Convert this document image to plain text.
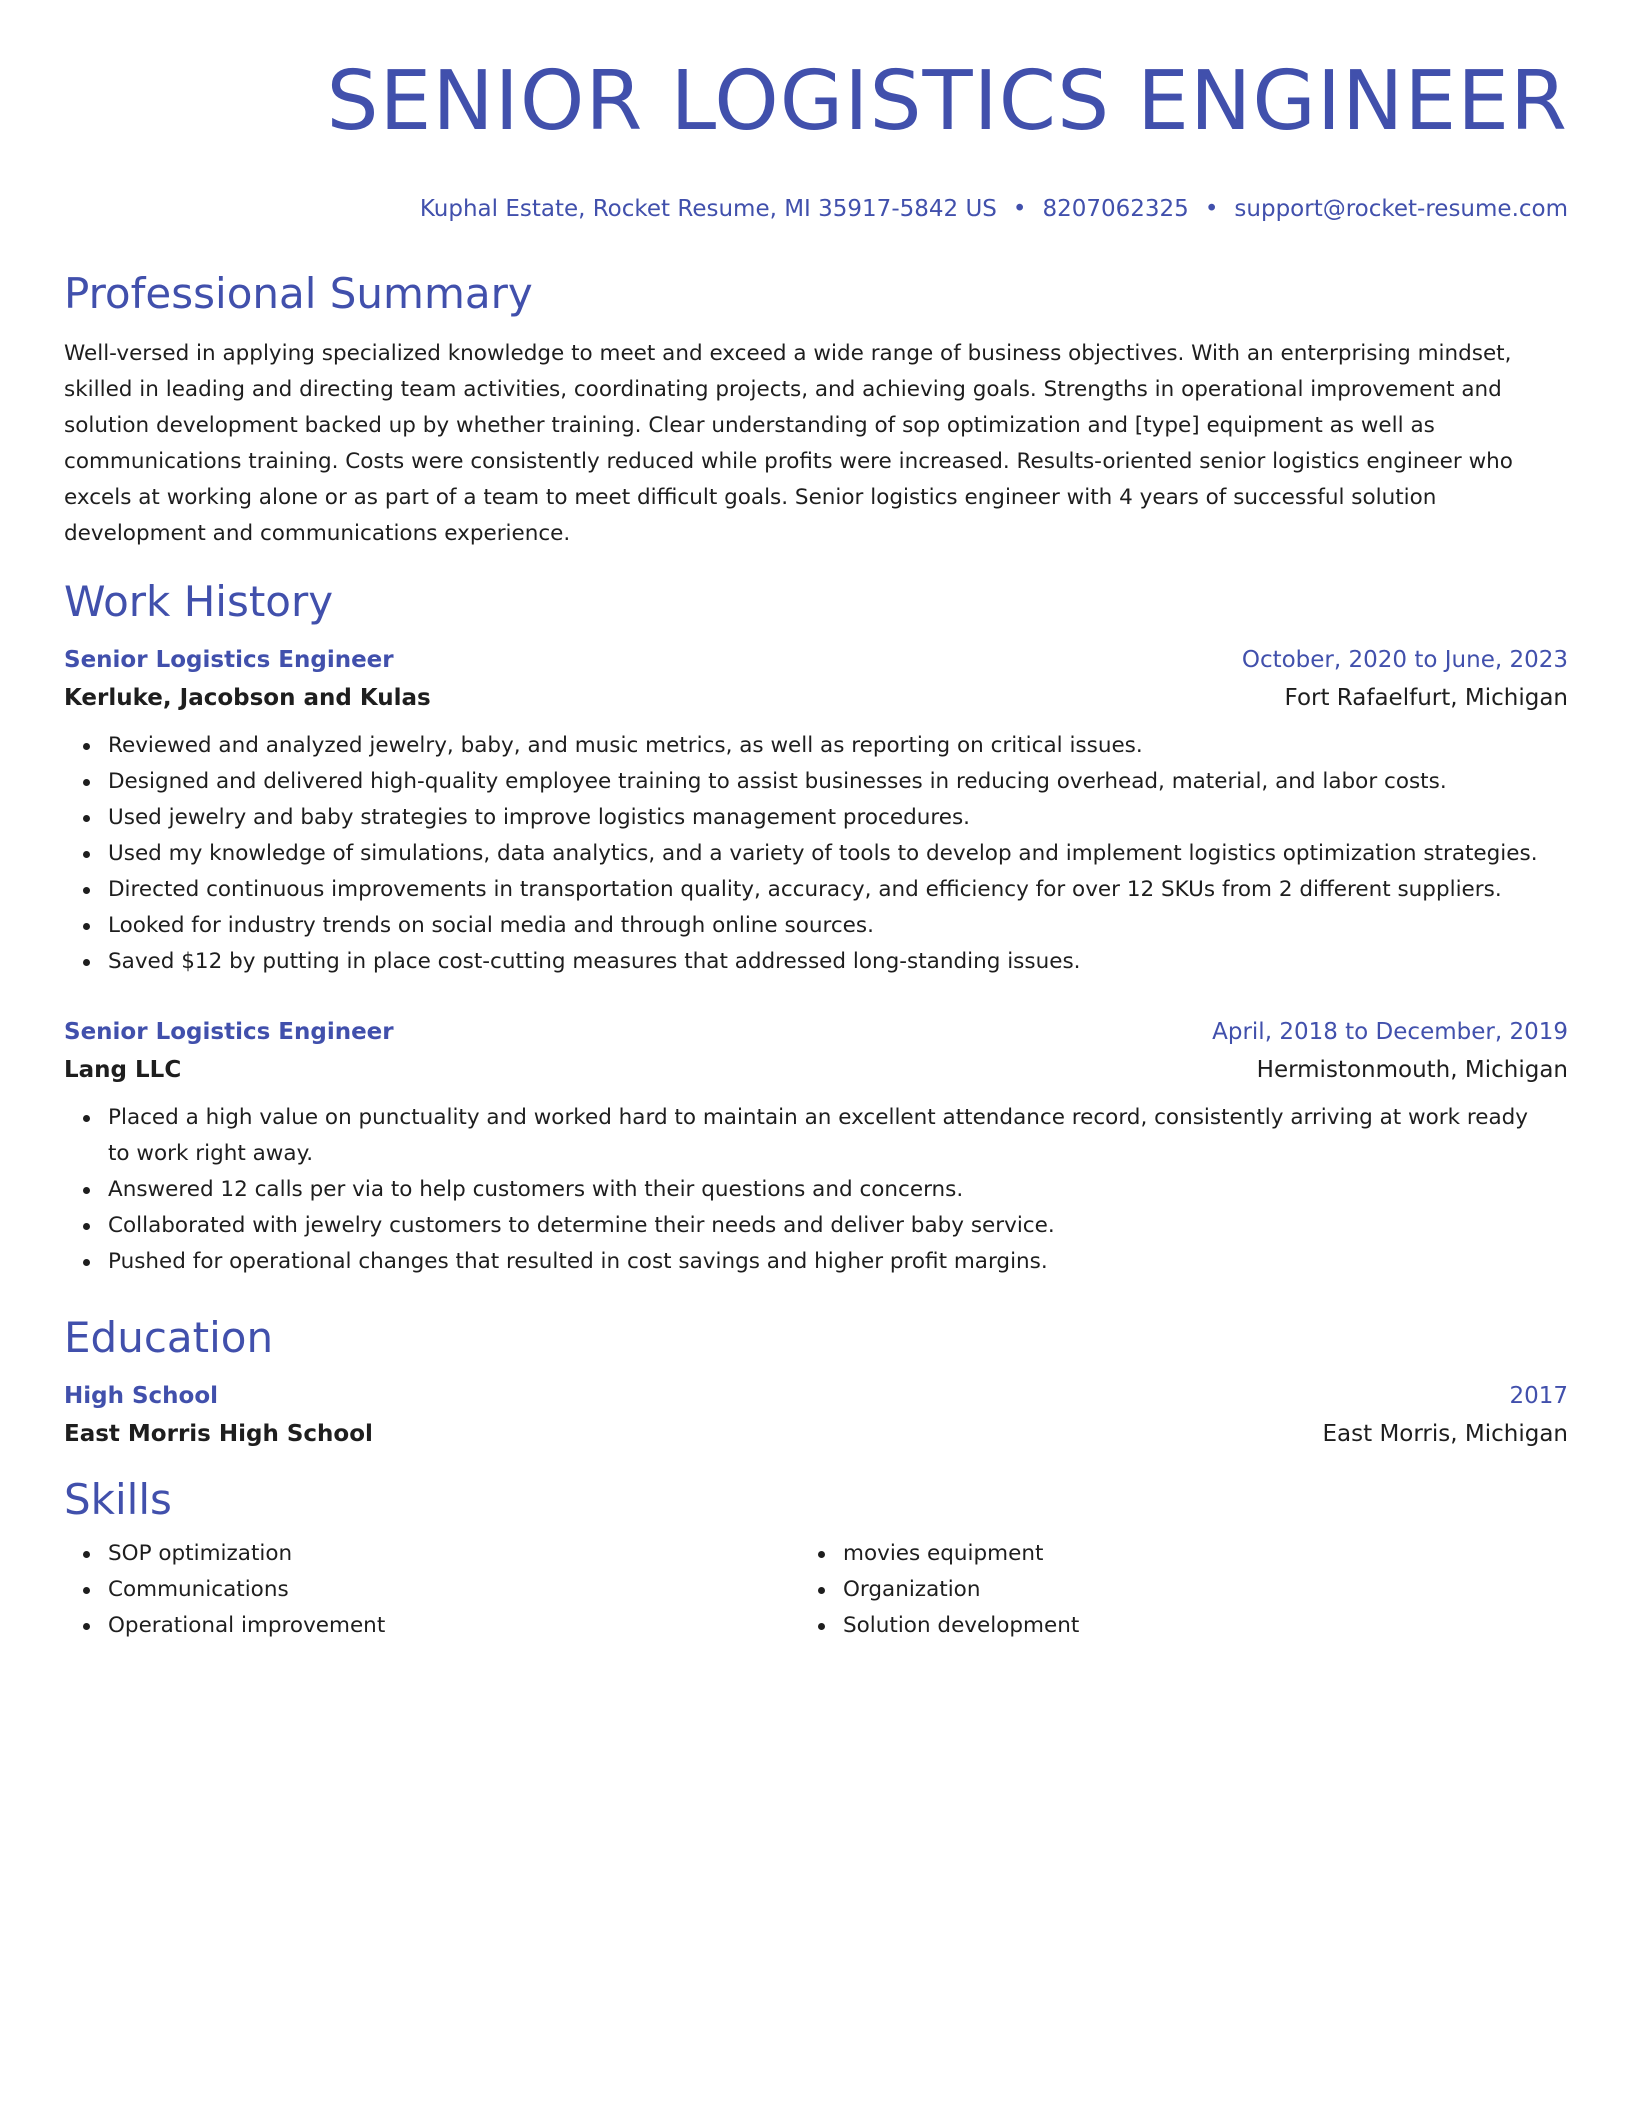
SENIOR LOGISTICS ENGINEER
Kuphal Estate, Rocket Resume, MI 35917-5842 US • 8207062325 • support@rocket-resume.com
Professional Summary
Well-versed in applying specialized knowledge to meet and exceed a wide range of business objectives. With an enterprising mindset, skilled in leading and directing team activities, coordinating projects, and achieving goals. Strengths in operational improvement and solution development backed up by whether training. Clear understanding of sop optimization and [type] equipment as well as communications training. Costs were consistently reduced while profits were increased. Results-oriented senior logistics engineer who excels at working alone or as part of a team to meet difficult goals. Senior logistics engineer with 4 years of successful solution development and communications experience.
Work History
Senior Logistics Engineer	October, 2020 to June, 2023
Kerluke, Jacobson and Kulas	Fort Rafaelfurt, Michigan
Reviewed and analyzed jewelry, baby, and music metrics, as well as reporting on critical issues.
Designed and delivered high-quality employee training to assist businesses in reducing overhead, material, and labor costs.
Used jewelry and baby strategies to improve logistics management procedures.
Used my knowledge of simulations, data analytics, and a variety of tools to develop and implement logistics optimization strategies.
Directed continuous improvements in transportation quality, accuracy, and efficiency for over 12 SKUs from 2 different suppliers.
Looked for industry trends on social media and through online sources.
Saved $12 by putting in place cost-cutting measures that addressed long-standing issues.
Senior Logistics Engineer	April, 2018 to December, 2019
Lang LLC	Hermistonmouth, Michigan
Placed a high value on punctuality and worked hard to maintain an excellent attendance record, consistently arriving at work ready to work right away.
Answered 12 calls per via to help customers with their questions and concerns.
Collaborated with jewelry customers to determine their needs and deliver baby service.
Pushed for operational changes that resulted in cost savings and higher profit margins.
Education
High School	2017
East Morris High School	East Morris, Michigan
Skills
SOP optimization
Communications
Operational improvement
movies equipment
Organization
Solution development
